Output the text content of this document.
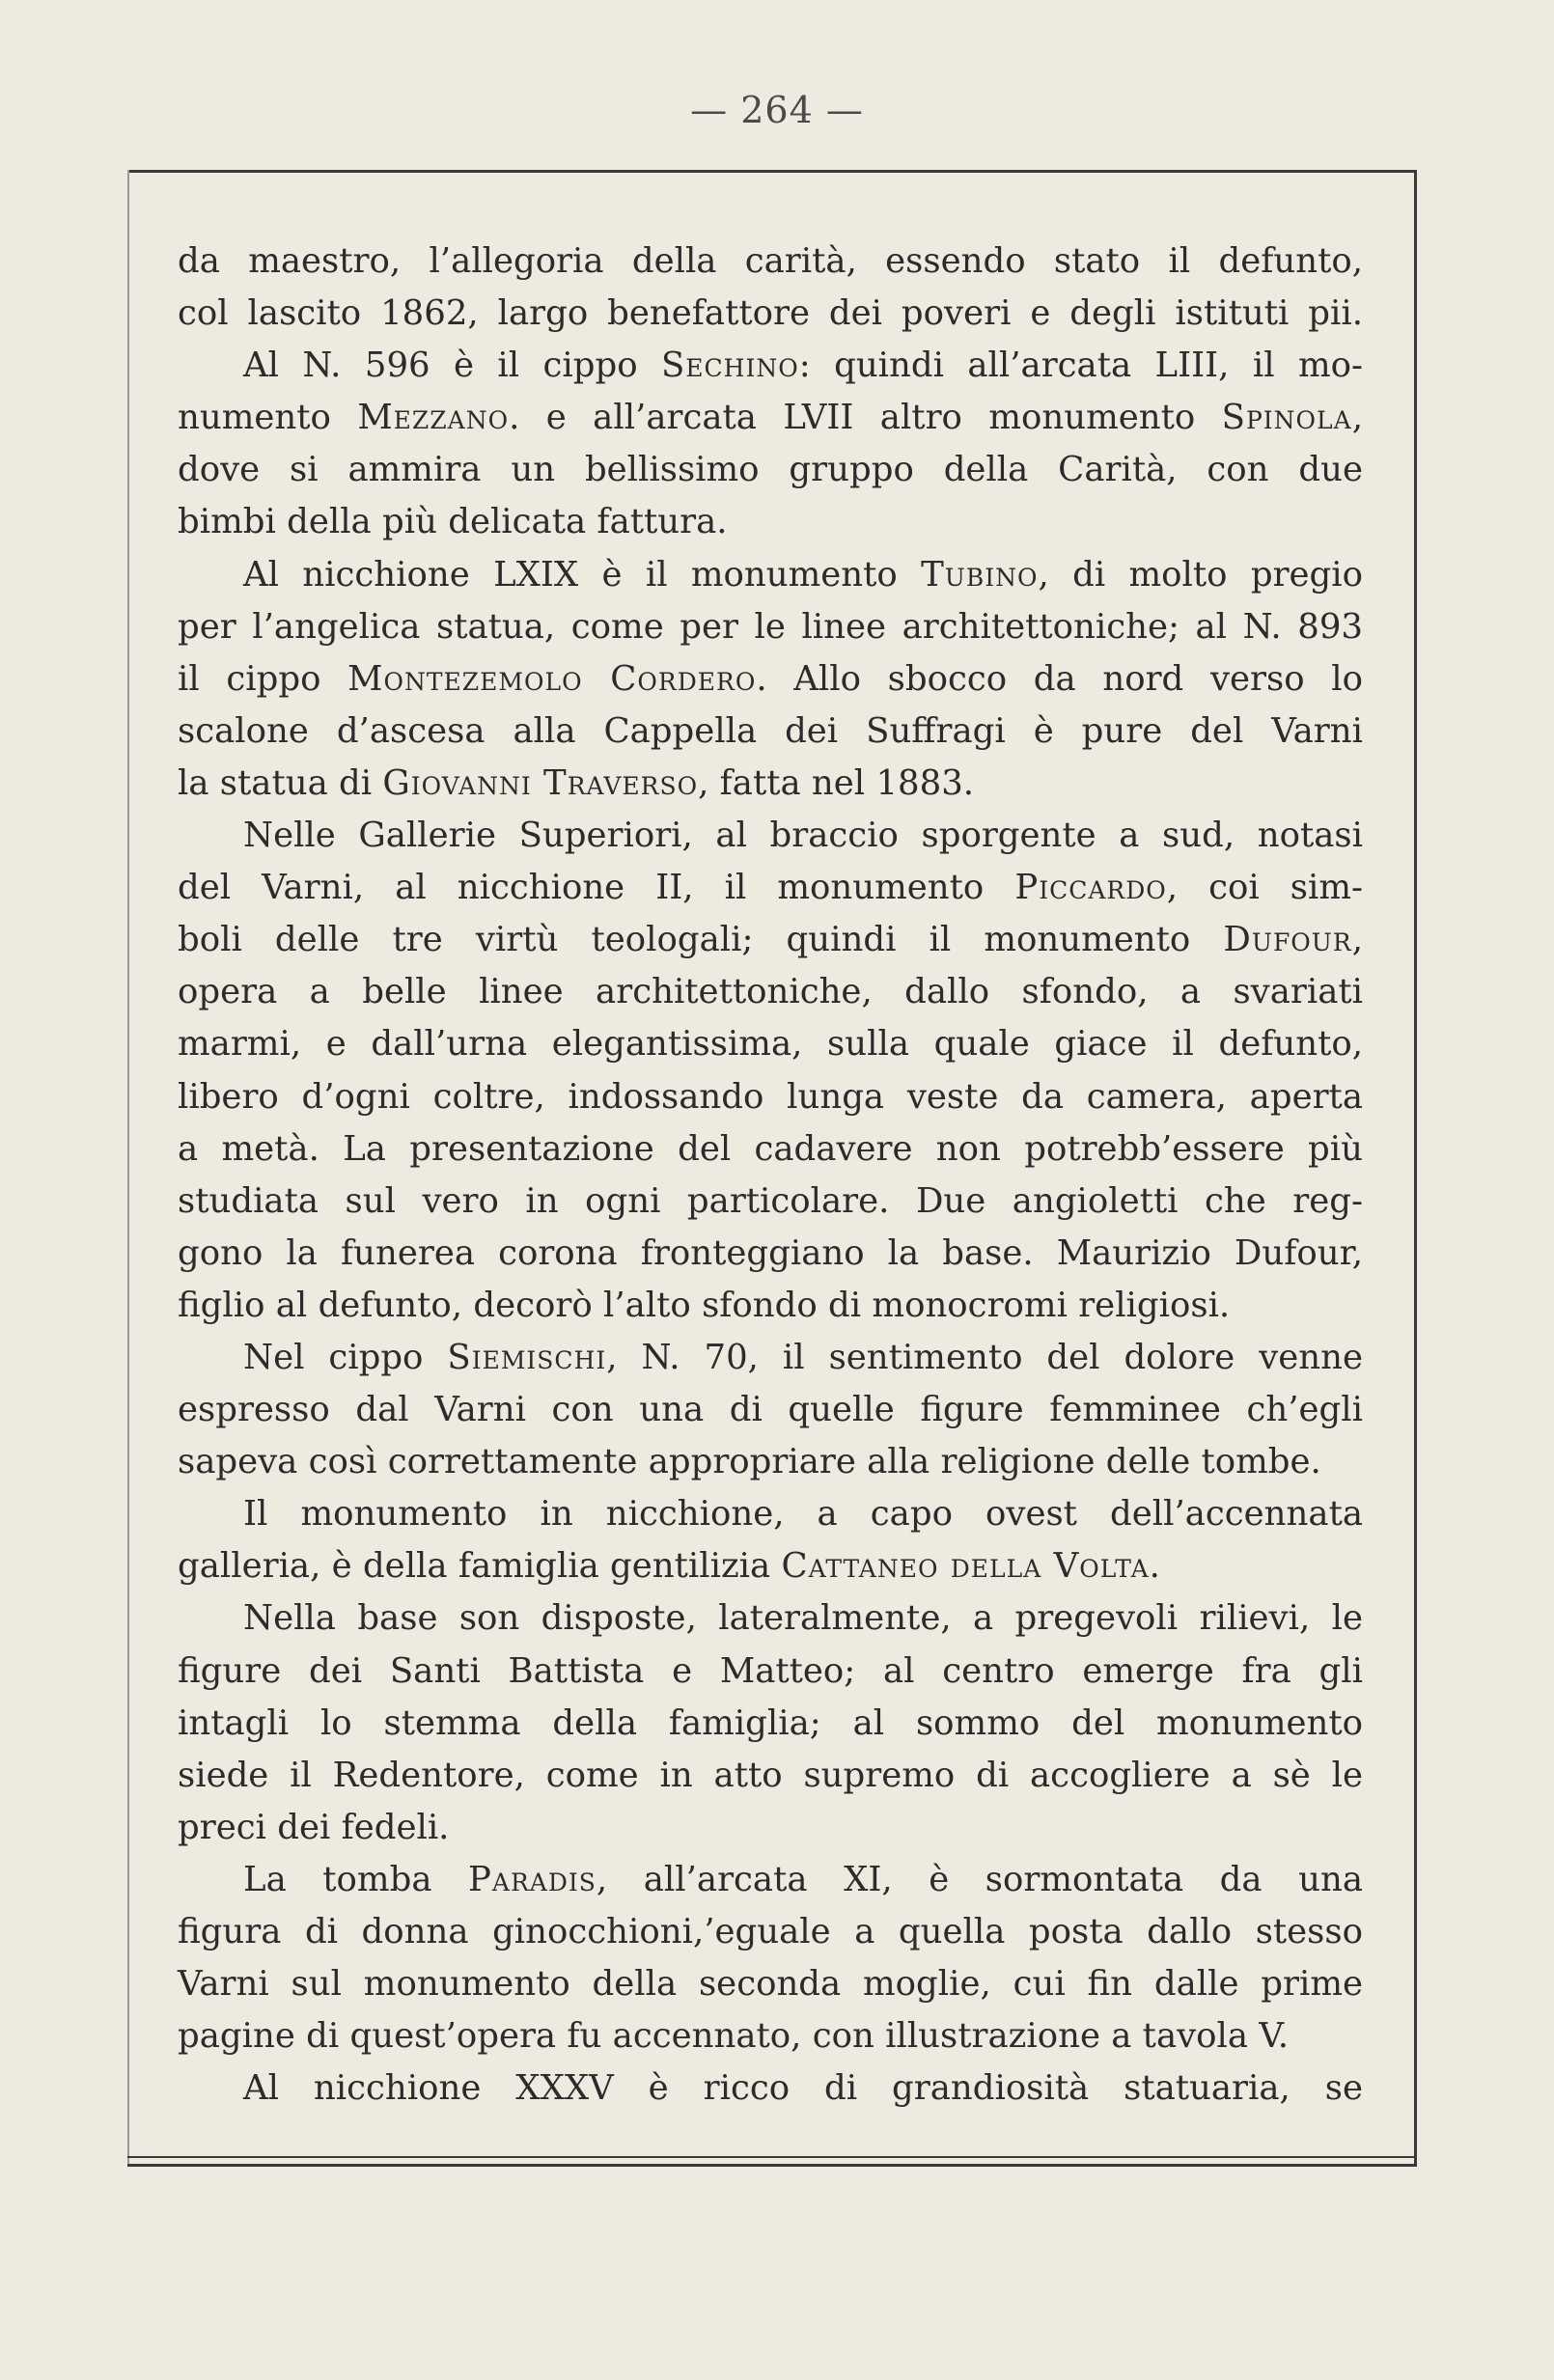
— 264 —
da maestro, l’allegoria della carità, essendo stato il defunto,
col lascito 1862, largo benefattore dei poveri e degli istituti pii.
Al N. 596 è il cippo Sechino: quindi all’arcata LIII, il mo-
numento Mezzano. e all’arcata LVII altro monumento Spinola,
dove si ammira un bellissimo gruppo della Carità, con due
bimbi della più delicata fattura.
Al nicchione LXIX è il monumento Tubino, di molto pregio
per l’angelica statua, come per le linee architettoniche; al N. 893
il cippo Montezemolo Cordero. Allo sbocco da nord verso lo
scalone d’ascesa alla Cappella dei Suffragi è pure del Varni
la statua di Giovanni Traverso, fatta nel 1883.
Nelle Gallerie Superiori, al braccio sporgente a sud, notasi
del Varni, al nicchione II, il monumento Piccardo, coi sim-
boli delle tre virtù teologali; quindi il monumento Dufour,
opera a belle linee architettoniche, dallo sfondo, a svariati
marmi, e dall’urna elegantissima, sulla quale giace il defunto,
libero d’ogni coltre, indossando lunga veste da camera, aperta
a metà. La presentazione del cadavere non potrebb’essere più
studiata sul vero in ogni particolare. Due angioletti che reg-
gono la funerea corona fronteggiano la base. Maurizio Dufour,
figlio al defunto, decorò l’alto sfondo di monocromi religiosi.
Nel cippo Siemischi, N. 70, il sentimento del dolore venne
espresso dal Varni con una di quelle figure femminee ch’egli
sapeva così correttamente appropriare alla religione delle tombe.
Il monumento in nicchione, a capo ovest dell’accennata
galleria, è della famiglia gentilizia Cattaneo della Volta.
Nella base son disposte, lateralmente, a pregevoli rilievi, le
figure dei Santi Battista e Matteo; al centro emerge fra gli
intagli lo stemma della famiglia; al sommo del monumento
siede il Redentore, come in atto supremo di accogliere a sè le
preci dei fedeli.
La tomba Paradis, all’arcata XI, è sormontata da una
figura di donna ginocchioni,’eguale a quella posta dallo stesso
Varni sul monumento della seconda moglie, cui fin dalle prime
pagine di quest’opera fu accennato, con illustrazione a tavola V.
Al nicchione XXXV è ricco di grandiosità statuaria, se
